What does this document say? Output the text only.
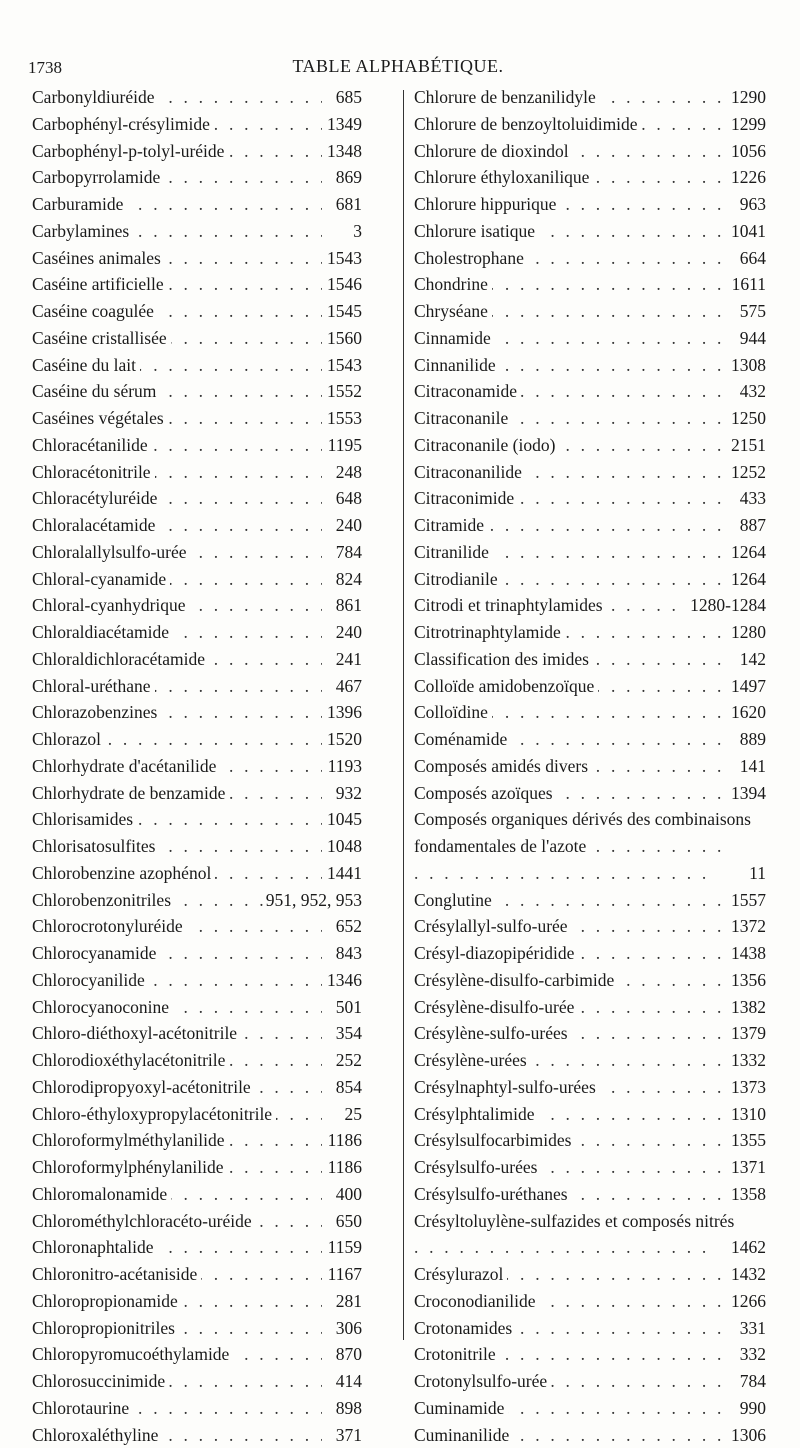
1738	TABLE ALPHABÉTIQUE.
. . .
Carbonyldiuréide	685
. . .
Carbophényl-crésylimide	1349
. . .
Carbophényl-p-tolyl-uréide	1348
. . .
Carbopyrrolamide	869
. . .
Carburamide	681
. . .
Carbylamines	3
. . .
Caséines animales	1543
. . .
Caséine artificielle	1546
. . .
Caséine coagulée	1545
. . .
Caséine cristallisée	1560
. . .
Caséine du lait	1543
. . .
Caséine du sérum	1552
. . .
Caséines végétales	1553
. . .
Chloracétanilide	1195
. . .
Chloracétonitrile	248
. . .
Chloracétyluréide	648
. . .
Chloralacétamide	240
. . .
Chloralallylsulfo-urée	784
. . .
Chloral-cyanamide	824
. . .
Chloral-cyanhydrique	861
. . .
Chloraldiacétamide	240
. . .
Chloraldichloracétamide	241
. . .
Chloral-uréthane	467
. . .
Chlorazobenzines	1396
. . .
Chlorazol	1520
. . .
Chlorhydrate d'acétanilide	1193
. . .
Chlorhydrate de benzamide	932
. . .
Chlorisamides	1045
. . .
Chlorisatosulfites	1048
. . .
Chlorobenzine azophénol	1441
. . .
Chlorobenzonitriles	951, 952, 953
. . .
Chlorocrotonyluréide	652
. . .
Chlorocyanamide	843
. . .
Chlorocyanilide	1346
. . .
Chlorocyanoconine	501
. . .
Chloro-diéthoxyl-acétonitrile	354
. . .
Chlorodioxéthylacétonitrile	252
. . .
Chlorodipropyoxyl-acétonitrile	854
. . .
Chloro-éthyloxypropylacétonitrile	25
. . .
Chloroformylméthylanilide	1186
. . .
Chloroformylphénylanilide	1186
. . .
Chloromalonamide	400
. . .
Chlorométhylchloracéto-uréide	650
. . .
Chloronaphtalide	1159
. . .
Chloronitro-acétaniside	1167
. . .
Chloropropionamide	281
. . .
Chloropropionitriles	306
. . .
Chloropyromucoéthylamide	870
. . .
Chlorosuccinimide	414
. . .
Chlorotaurine	898
. . .
Chloroxaléthyline	371
. . .
Chlorure de benzanilidyle	1290
. . .
Chlorure de benzoyltoluidimide	1299
. . .
Chlorure de dioxindol	1056
. . .
Chlorure éthyloxanilique	1226
. . .
Chlorure hippurique	963
. . .
Chlorure isatique	1041
. . .
Cholestrophane	664
. . .
Chondrine	1611
. . .
Chryséane	575
. . .
Cinnamide	944
. . .
Cinnanilide	1308
. . .
Citraconamide	432
. . .
Citraconanile	1250
. . .
Citraconanile (iodo)	2151
. . .
Citraconanilide	1252
. . .
Citraconimide	433
. . .
Citramide	887
. . .
Citranilide	1264
. . .
Citrodianile	1264
. . .
Citrodi et trinaphtylamides	1280-1284
. . .
Citrotrinaphtylamide	1280
. . .
Classification des imides	142
. . .
Colloïde amidobenzoïque	1497
. . .
Colloïdine	1620
. . .
Coménamide	889
. . .
Composés amidés divers	141
. . .
Composés azoïques	1394
. . .
Composés organiques dérivés des combinaisons fondamentales de l'azote
11
. . .
Conglutine	1557
. . .
Crésylallyl-sulfo-urée	1372
. . .
Crésyl-diazopipéridide	1438
. . .
Crésylène-disulfo-carbimide	1356
. . .
Crésylène-disulfo-urée	1382
. . .
Crésylène-sulfo-urées	1379
. . .
Crésylène-urées	1332
. . .
Crésylnaphtyl-sulfo-urées	1373
. . .
Crésylphtalimide	1310
. . .
Crésylsulfocarbimides	1355
. . .
Crésylsulfo-urées	1371
. . .
Crésylsulfo-uréthanes	1358
. . .
Crésyltoluylène-sulfazides et composés nitrés
1462
. . .
Crésylurazol	1432
. . .
Croconodianilide	1266
. . .
Crotonamides	331
. . .
Crotonitrile	332
. . .
Crotonylsulfo-urée	784
. . .
Cuminamide	990
. . .
Cuminanilide	1306
